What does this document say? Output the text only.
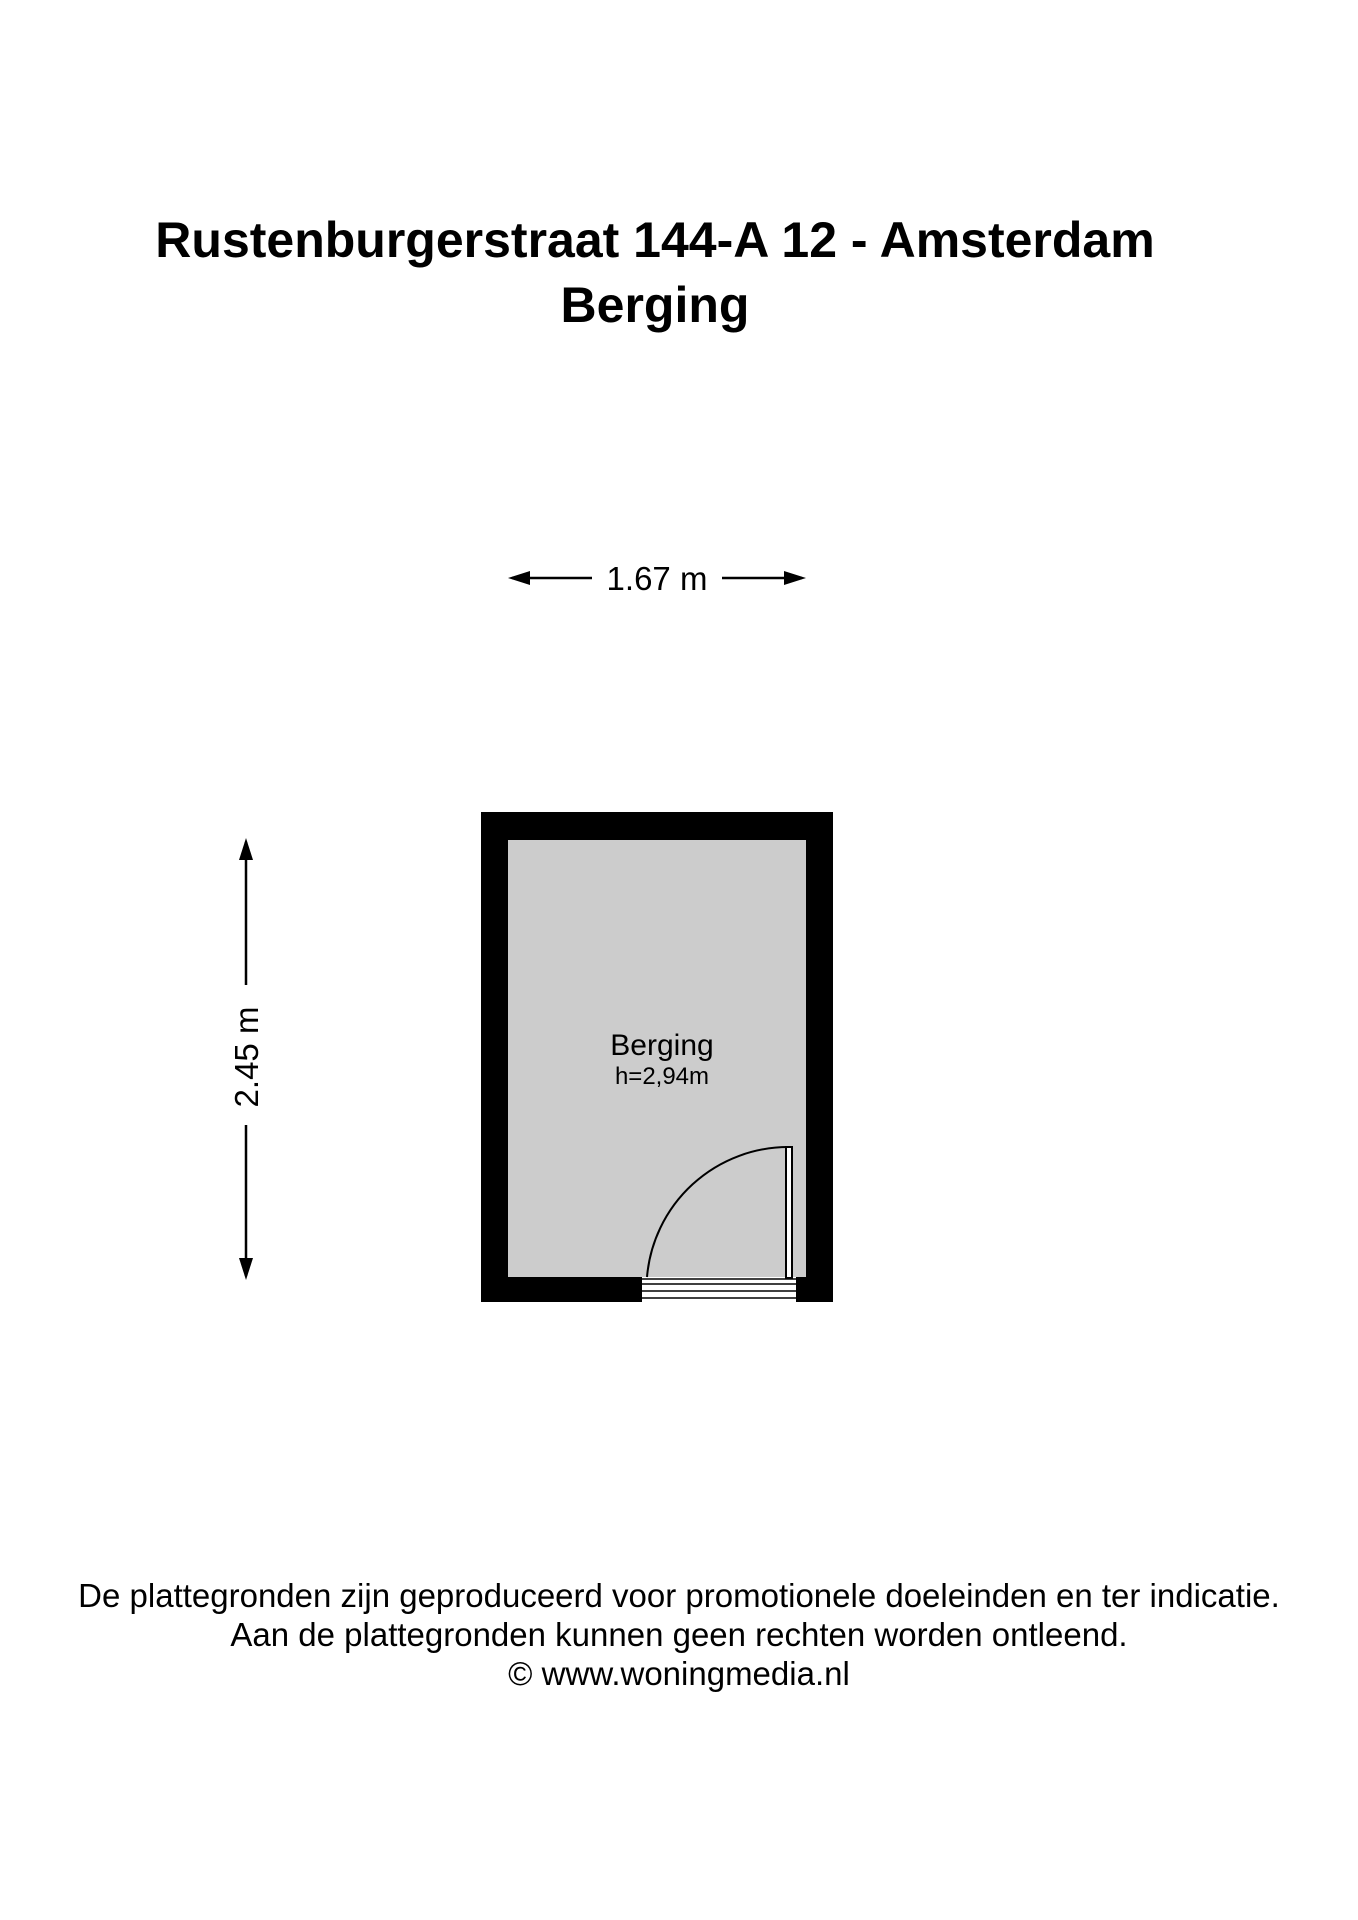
Rustenburgerstraat 144-A 12 - Amsterdam
Berging
1.67 m
2.45 m	Berging
h=2,94m
De plattegronden zijn geproduceerd voor promotionele doeleinden en ter indicatie.
Aan de plattegronden kunnen geen rechten worden ontleend.
© www.woningmedia.nl
